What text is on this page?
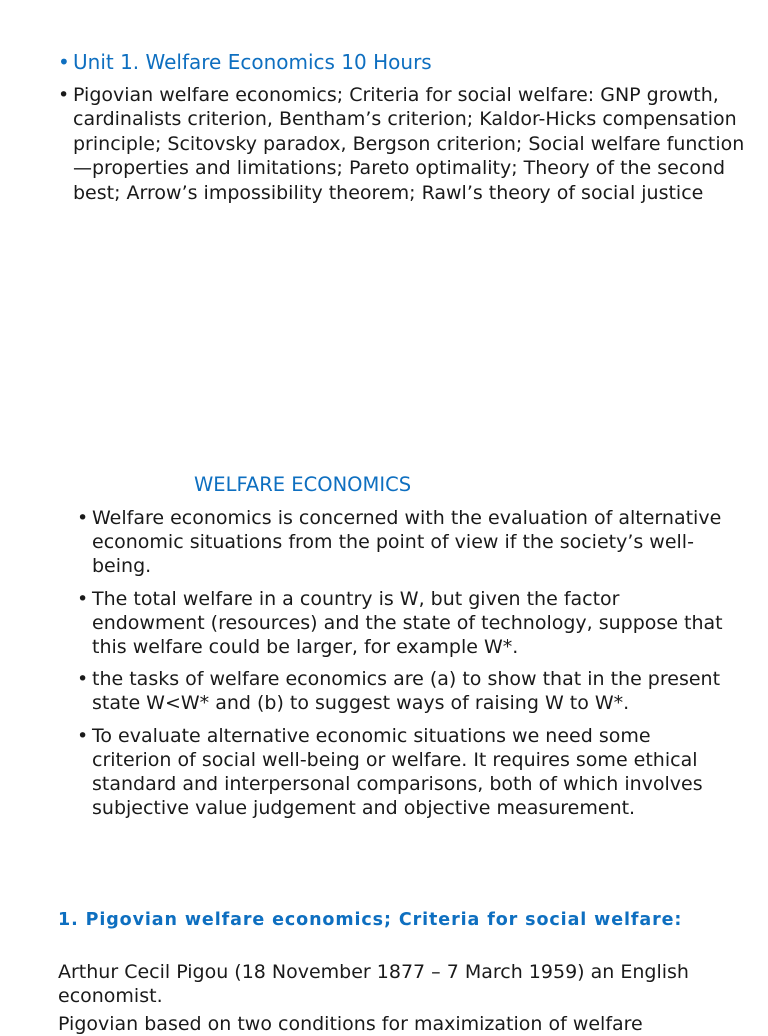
• Unit 1. Welfare Economics 10 Hours

• Pigovian welfare economics; Criteria for social welfare: GNP growth, cardinalists criterion, Bentham’s criterion; Kaldor-Hicks compensation principle; Scitovsky paradox, Bergson criterion; Social welfare function—properties and limitations; Pareto optimality; Theory of the second best; Arrow’s impossibility theorem; Rawl’s theory of social justice
WELFARE ECONOMICS
• Welfare economics is concerned with the evaluation of alternative economic situations from the point of view if the society’s well-being.
• The total welfare in a country is W, but given the factor endowment (resources) and the state of technology, suppose that this welfare could be larger, for example W*.
• the tasks of welfare economics are (a) to show that in the present state W<W* and (b) to suggest ways of raising W to W*.
• To evaluate alternative economic situations we need some criterion of social well-being or welfare. It requires some ethical standard and interpersonal comparisons, both of which involves subjective value judgement and objective measurement.
1. Pigovian welfare economics; Criteria for social welfare:

Arthur Cecil Pigou (18 November 1877 – 7 March 1959) an English economist.

Pigovian based on two conditions for maximization of welfare
